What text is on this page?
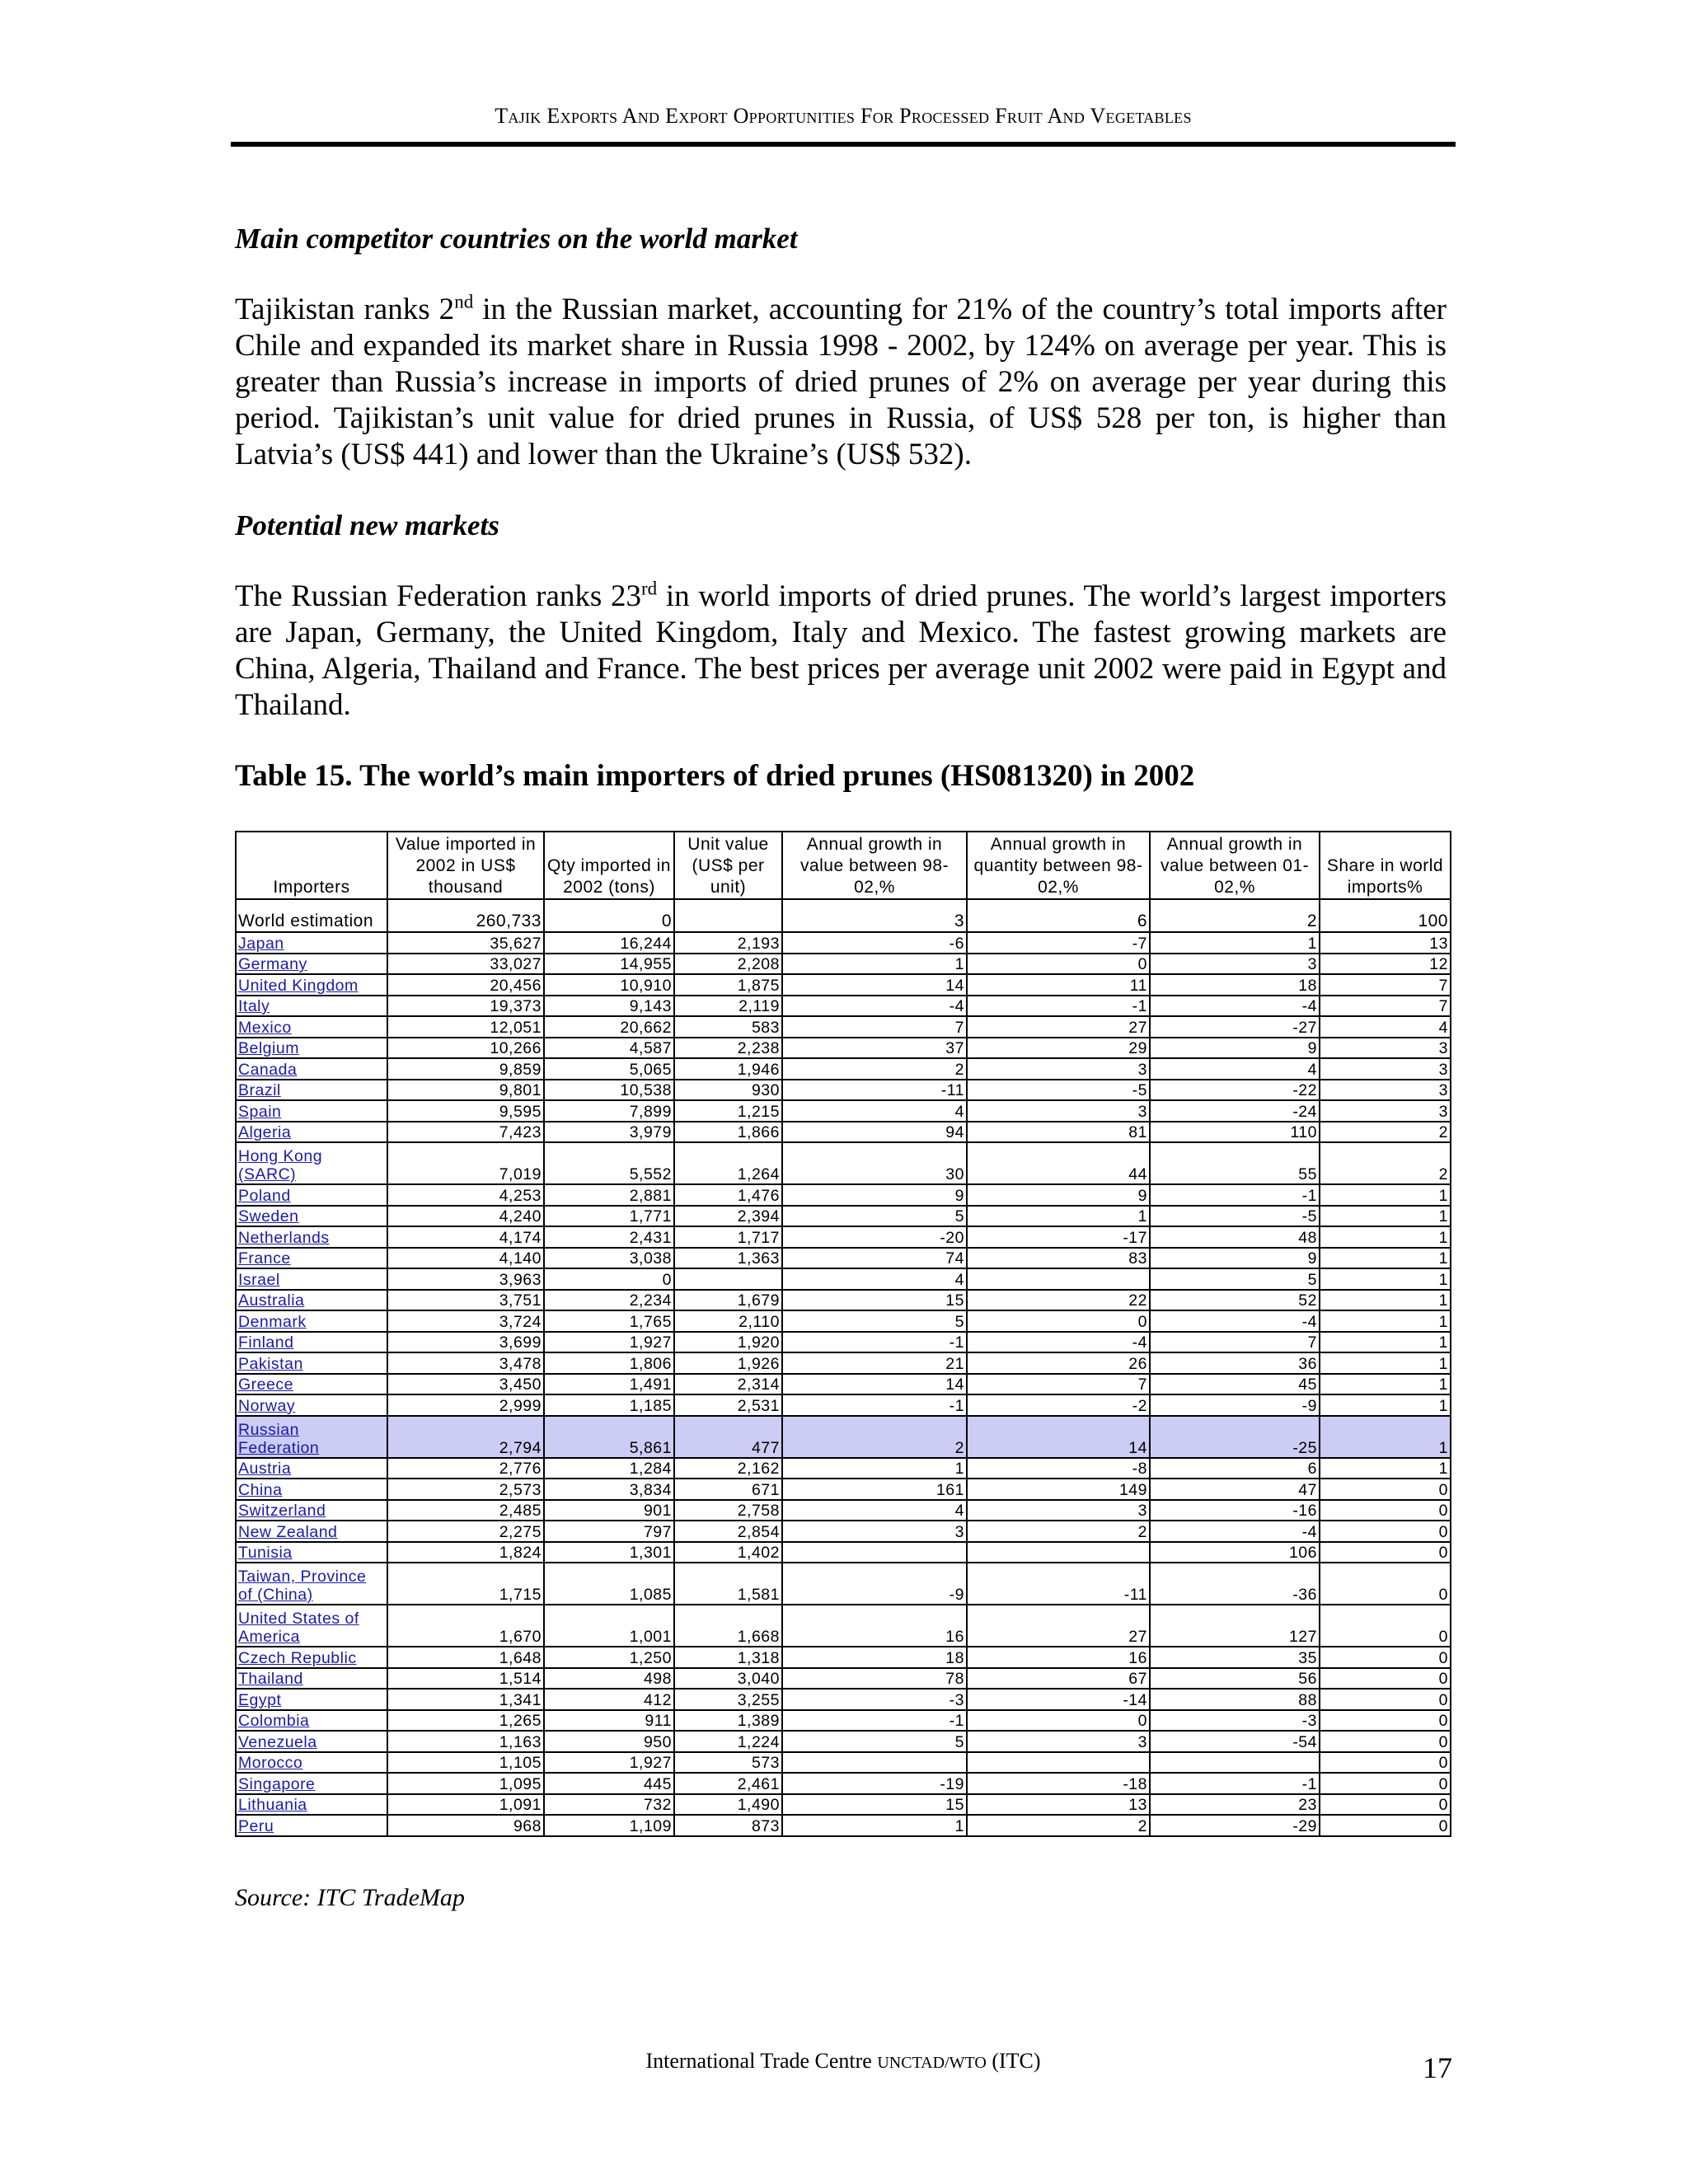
Tajik Exports And Export Opportunities For Processed Fruit And Vegetables
Main competitor countries on the world market
Tajikistan ranks 2nd in the Russian market, accounting for 21% of the country’s total imports after Chile and expanded its market share in Russia 1998 - 2002, by 124% on average per year. This is greater than Russia’s increase in imports of dried prunes of 2% on average per year during this period. Tajikistan’s unit value for dried prunes in Russia, of US$ 528 per ton, is higher than Latvia’s (US$ 441) and lower than the Ukraine’s (US$ 532).
Potential new markets
The Russian Federation ranks 23rd in world imports of dried prunes. The world’s largest importers are Japan, Germany, the United Kingdom, Italy and Mexico. The fastest growing markets are China, Algeria, Thailand and France. The best prices per average unit 2002 were paid in Egypt and Thailand.
Table 15. The world’s main importers of dried prunes (HS081320) in 2002
Importers	Value imported in 2002 in US$ thousand	Qty imported in 2002 (tons)	Unit value (US$ per unit)	Annual growth in value between 98-02,%	Annual growth in quantity between 98-02,%	Annual growth in value between 01-02,%	Share in world imports%
World estimation	260,733	0		3	6	2	100
Japan	35,627	16,244	2,193	-6	-7	1	13
Germany	33,027	14,955	2,208	1	0	3	12
United Kingdom	20,456	10,910	1,875	14	11	18	7
Italy	19,373	9,143	2,119	-4	-1	-4	7
Mexico	12,051	20,662	583	7	27	-27	4
Belgium	10,266	4,587	2,238	37	29	9	3
Canada	9,859	5,065	1,946	2	3	4	3
Brazil	9,801	10,538	930	-11	-5	-22	3
Spain	9,595	7,899	1,215	4	3	-24	3
Algeria	7,423	3,979	1,866	94	81	110	2
Hong Kong (SARC)	7,019	5,552	1,264	30	44	55	2
Poland	4,253	2,881	1,476	9	9	-1	1
Sweden	4,240	1,771	2,394	5	1	-5	1
Netherlands	4,174	2,431	1,717	-20	-17	48	1
France	4,140	3,038	1,363	74	83	9	1
Israel	3,963	0		4		5	1
Australia	3,751	2,234	1,679	15	22	52	1
Denmark	3,724	1,765	2,110	5	0	-4	1
Finland	3,699	1,927	1,920	-1	-4	7	1
Pakistan	3,478	1,806	1,926	21	26	36	1
Greece	3,450	1,491	2,314	14	7	45	1
Norway	2,999	1,185	2,531	-1	-2	-9	1
Russian Federation	2,794	5,861	477	2	14	-25	1
Austria	2,776	1,284	2,162	1	-8	6	1
China	2,573	3,834	671	161	149	47	0
Switzerland	2,485	901	2,758	4	3	-16	0
New Zealand	2,275	797	2,854	3	2	-4	0
Tunisia	1,824	1,301	1,402			106	0
Taiwan, Province of (China)	1,715	1,085	1,581	-9	-11	-36	0
United States of America	1,670	1,001	1,668	16	27	127	0
Czech Republic	1,648	1,250	1,318	18	16	35	0
Thailand	1,514	498	3,040	78	67	56	0
Egypt	1,341	412	3,255	-3	-14	88	0
Colombia	1,265	911	1,389	-1	0	-3	0
Venezuela	1,163	950	1,224	5	3	-54	0
Morocco	1,105	1,927	573				0
Singapore	1,095	445	2,461	-19	-18	-1	0
Lithuania	1,091	732	1,490	15	13	23	0
Peru	968	1,109	873	1	2	-29	0
Source: ITC TradeMap
International Trade Centre UNCTAD/WTO (ITC)	17
